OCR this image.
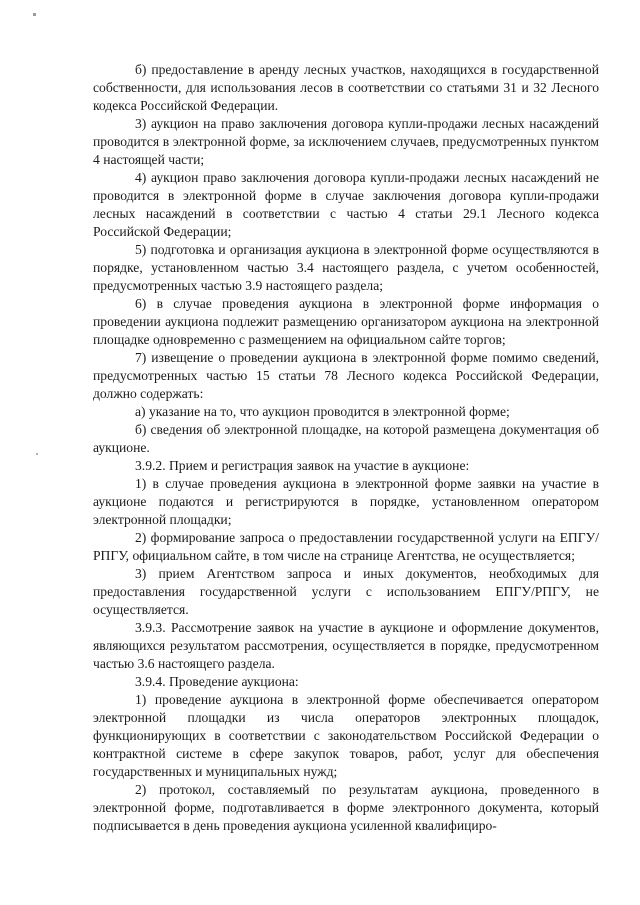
б) предоставление в аренду лесных участков, находящихся в государственной собственности, для использования лесов в соответствии со статьями 31 и 32 Лесного кодекса Российской Федерации.

3) аукцион на право заключения договора купли-продажи лесных насаждений проводится в электронной форме, за исключением случаев, предусмотренных пунктом 4 настоящей части;

4) аукцион право заключения договора купли-продажи лесных насаждений не проводится в электронной форме в случае заключения договора купли-продажи лесных насаждений в соответствии с частью 4 статьи 29.1 Лесного кодекса Российской Федерации;

5) подготовка и организация аукциона в электронной форме осуществляются в порядке, установленном частью 3.4 настоящего раздела, с учетом особенностей, предусмотренных частью 3.9 настоящего раздела;

6) в случае проведения аукциона в электронной форме информация о проведении аукциона подлежит размещению организатором аукциона на электронной площадке одновременно с размещением на официальном сайте торгов;

7) извещение о проведении аукциона в электронной форме помимо сведений, предусмотренных частью 15 статьи 78 Лесного кодекса Российской Федерации, должно содержать:

а) указание на то, что аукцион проводится в электронной форме;

б) сведения об электронной площадке, на которой размещена документация об аукционе.

3.9.2. Прием и регистрация заявок на участие в аукционе:

1) в случае проведения аукциона в электронной форме заявки на участие в аукционе подаются и регистрируются в порядке, установленном оператором электронной площадки;

2) формирование запроса о предоставлении государственной услуги на ЕПГУ/РПГУ, официальном сайте, в том числе на странице Агентства, не осуществляется;

3) прием Агентством запроса и иных документов, необходимых для предоставления государственной услуги с использованием ЕПГУ/РПГУ, не осуществляется.

3.9.3. Рассмотрение заявок на участие в аукционе и оформление документов, являющихся результатом рассмотрения, осуществляется в порядке, предусмотренном частью 3.6 настоящего раздела.

3.9.4. Проведение аукциона:

1) проведение аукциона в электронной форме обеспечивается оператором электронной площадки из числа операторов электронных площадок, функционирующих в соответствии с законодательством Российской Федерации о контрактной системе в сфере закупок товаров, работ, услуг для обеспечения государственных и муниципальных нужд;

2) протокол, составляемый по результатам аукциона, проведенного в электронной форме, подготавливается в форме электронного документа, который подписывается в день проведения аукциона усиленной квалифициро-
